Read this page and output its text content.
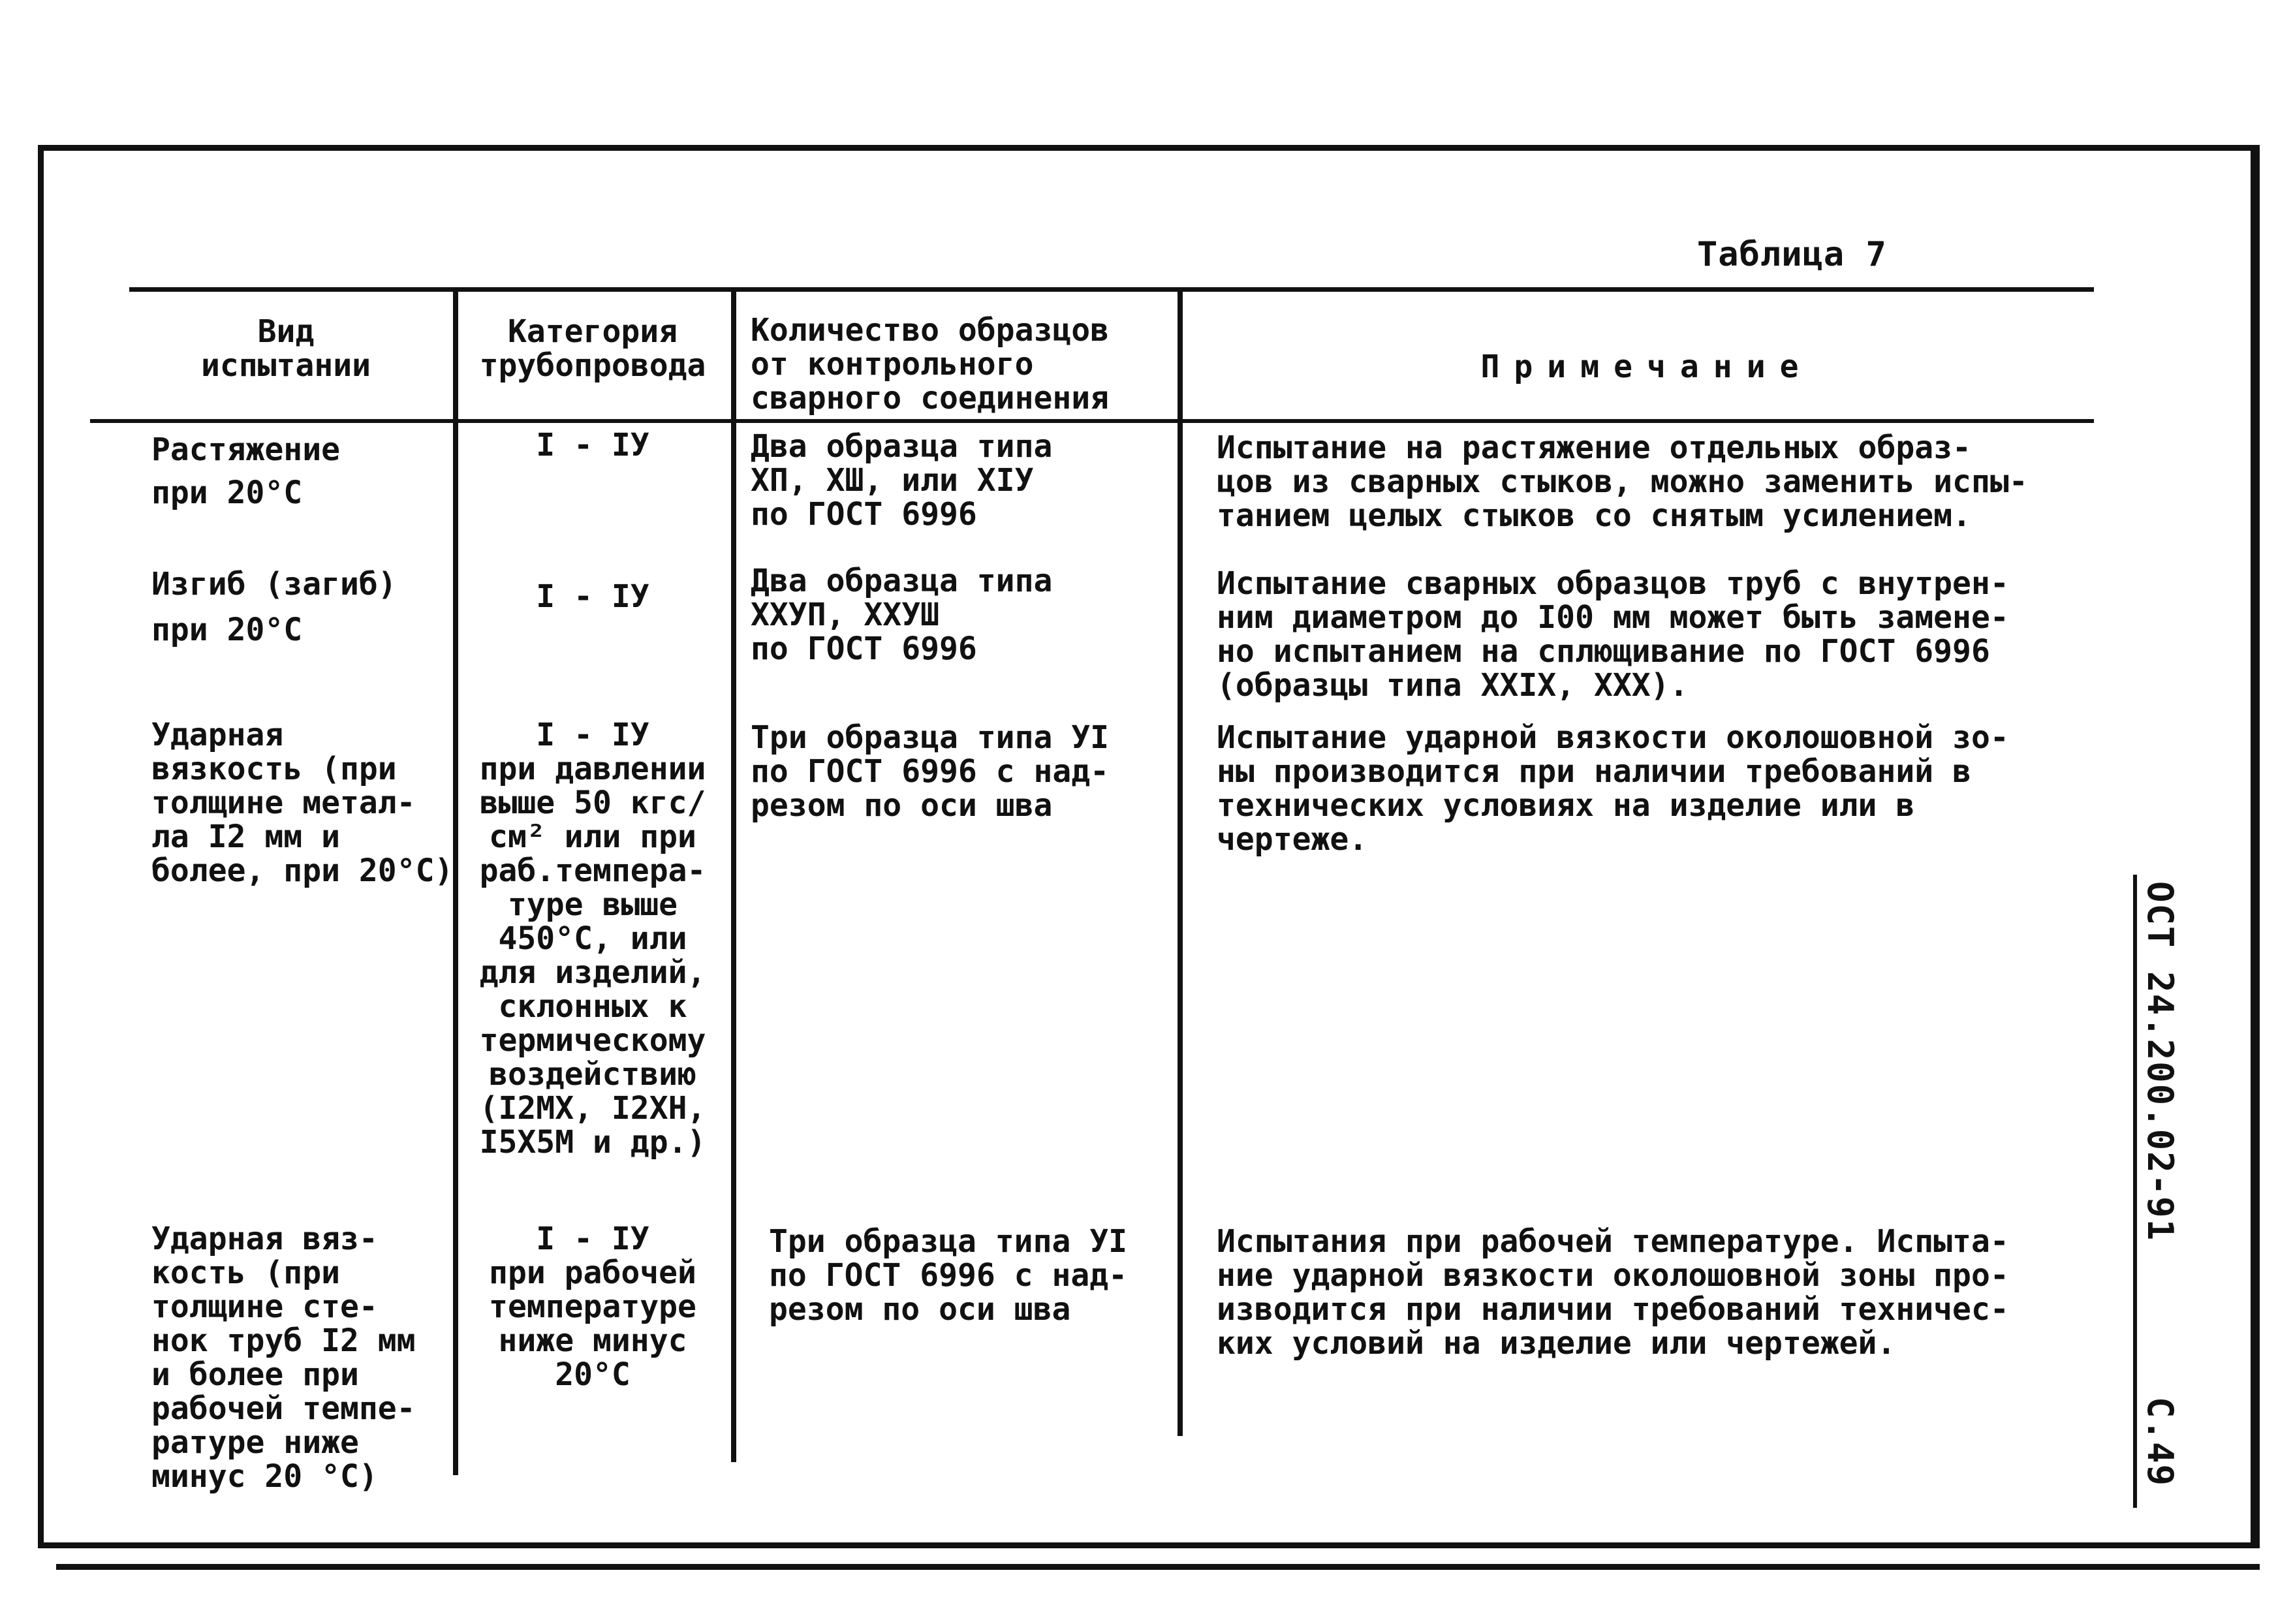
Таблица 7
Вид
испытании
Категория
трубопровода
Количество образцов
от контрольного
сварного соединения
Примечание
Растяжение
при 20°С
I - IУ	Два образца типа
ХП, ХШ, или ХIУ
по ГОСТ 6996
Испытание на растяжение отдельных образ-
цов из сварных стыков, можно заменить испы-
танием целых стыков со снятым усилением.
Изгиб (загиб)
при 20°С
I - IУ	Два образца типа
ХХУП, ХХУШ
по ГОСТ 6996
Испытание сварных образцов труб с внутрен-
ним диаметром до I00 мм может быть замене-
но испытанием на сплющивание по ГОСТ 6996
(образцы типа ХХIХ, ХХХ).
Ударная
вязкость (при
толщине метал-
ла I2 мм и
более, при 20°С)
I - IУ
при давлении
выше 50 кгс/
см² или при
раб.темпера-
туре выше
450°С, или
для изделий,
склонных к
термическому
воздействию
(I2МХ, I2ХН,
I5Х5М и др.)
Три образца типа УI
по ГОСТ 6996 с над-
резом по оси шва
Испытание ударной вязкости околошовной зо-
ны производится при наличии требований в
технических условиях на изделие или в
чертеже.
Ударная вяз-
кость (при
толщине сте-
нок труб I2 мм
и более при
рабочей темпе-
ратуре ниже
минус 20 °С)
I - IУ
при рабочей
температуре
ниже минус
20°С
Три образца типа УI
по ГОСТ 6996 с над-
резом по оси шва
Испытания при рабочей температуре. Испыта-
ние ударной вязкости околошовной зоны про-
изводится при наличии требований техничес-
ких условий на изделие или чертежей.
ОСТ 24.200.02-91
С.49
